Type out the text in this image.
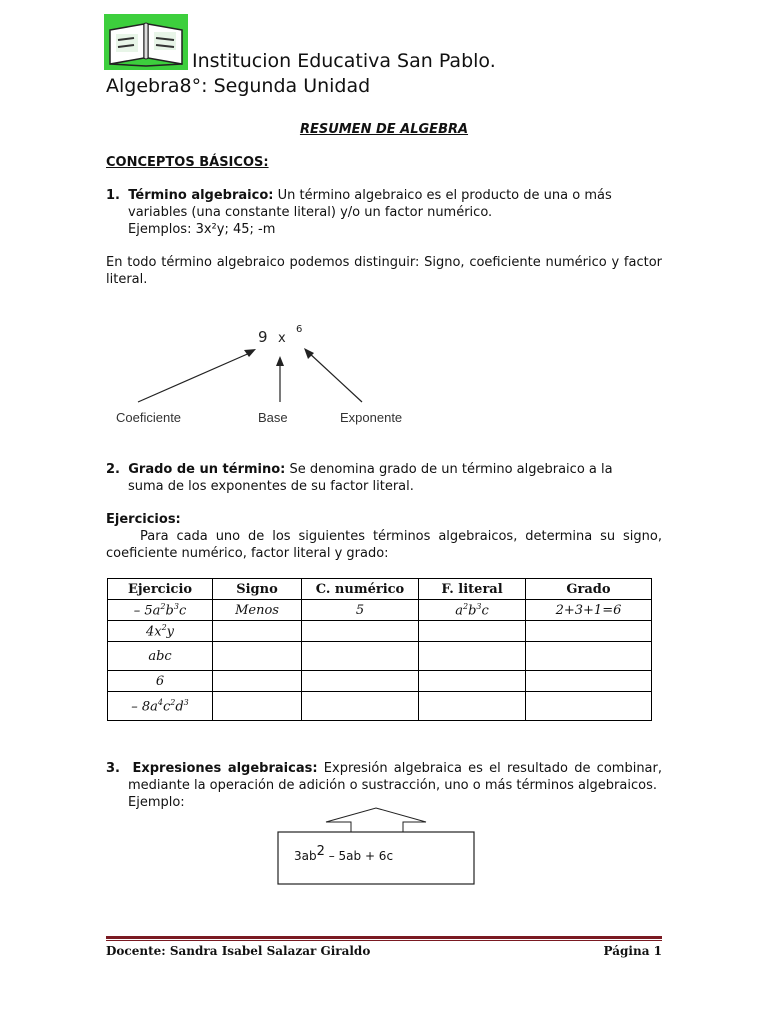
Institucion Educativa San Pablo.
Algebra8°: Segunda Unidad
RESUMEN DE ALGEBRA
CONCEPTOS BÁSICOS:
1. Término algebraico: Un término algebraico es el producto de una o más
variables (una constante literal) y/o un factor numérico.
Ejemplos: 3x²y; 45; -m
En todo término algebraico podemos distinguir: Signo, coeficiente numérico y factor literal.
9 x
6
Coeficiente	Base	Exponente
2. Grado de un término: Se denomina grado de un término algebraico a la
suma de los exponentes de su factor literal.
Ejercicios:
Para cada uno de los siguientes términos algebraicos, determina su signo, coeficiente numérico, factor literal y grado:
Ejercicio	Signo	C. numérico	F. literal	Grado
– $5a^2b^3c$	Menos	5	$a^2b^3c$	2+3+1=6
$4x^2y$				
abc				
6				
– $8a^4c^2d^3$				
3. Expresiones algebraicas: Expresión algebraica es el resultado de combinar, mediante la operación de adición o sustracción, uno o más términos algebraicos.
Ejemplo:
$3ab^2 - 5ab + 6c$
Docente: Sandra Isabel Salazar Giraldo	Página 1
